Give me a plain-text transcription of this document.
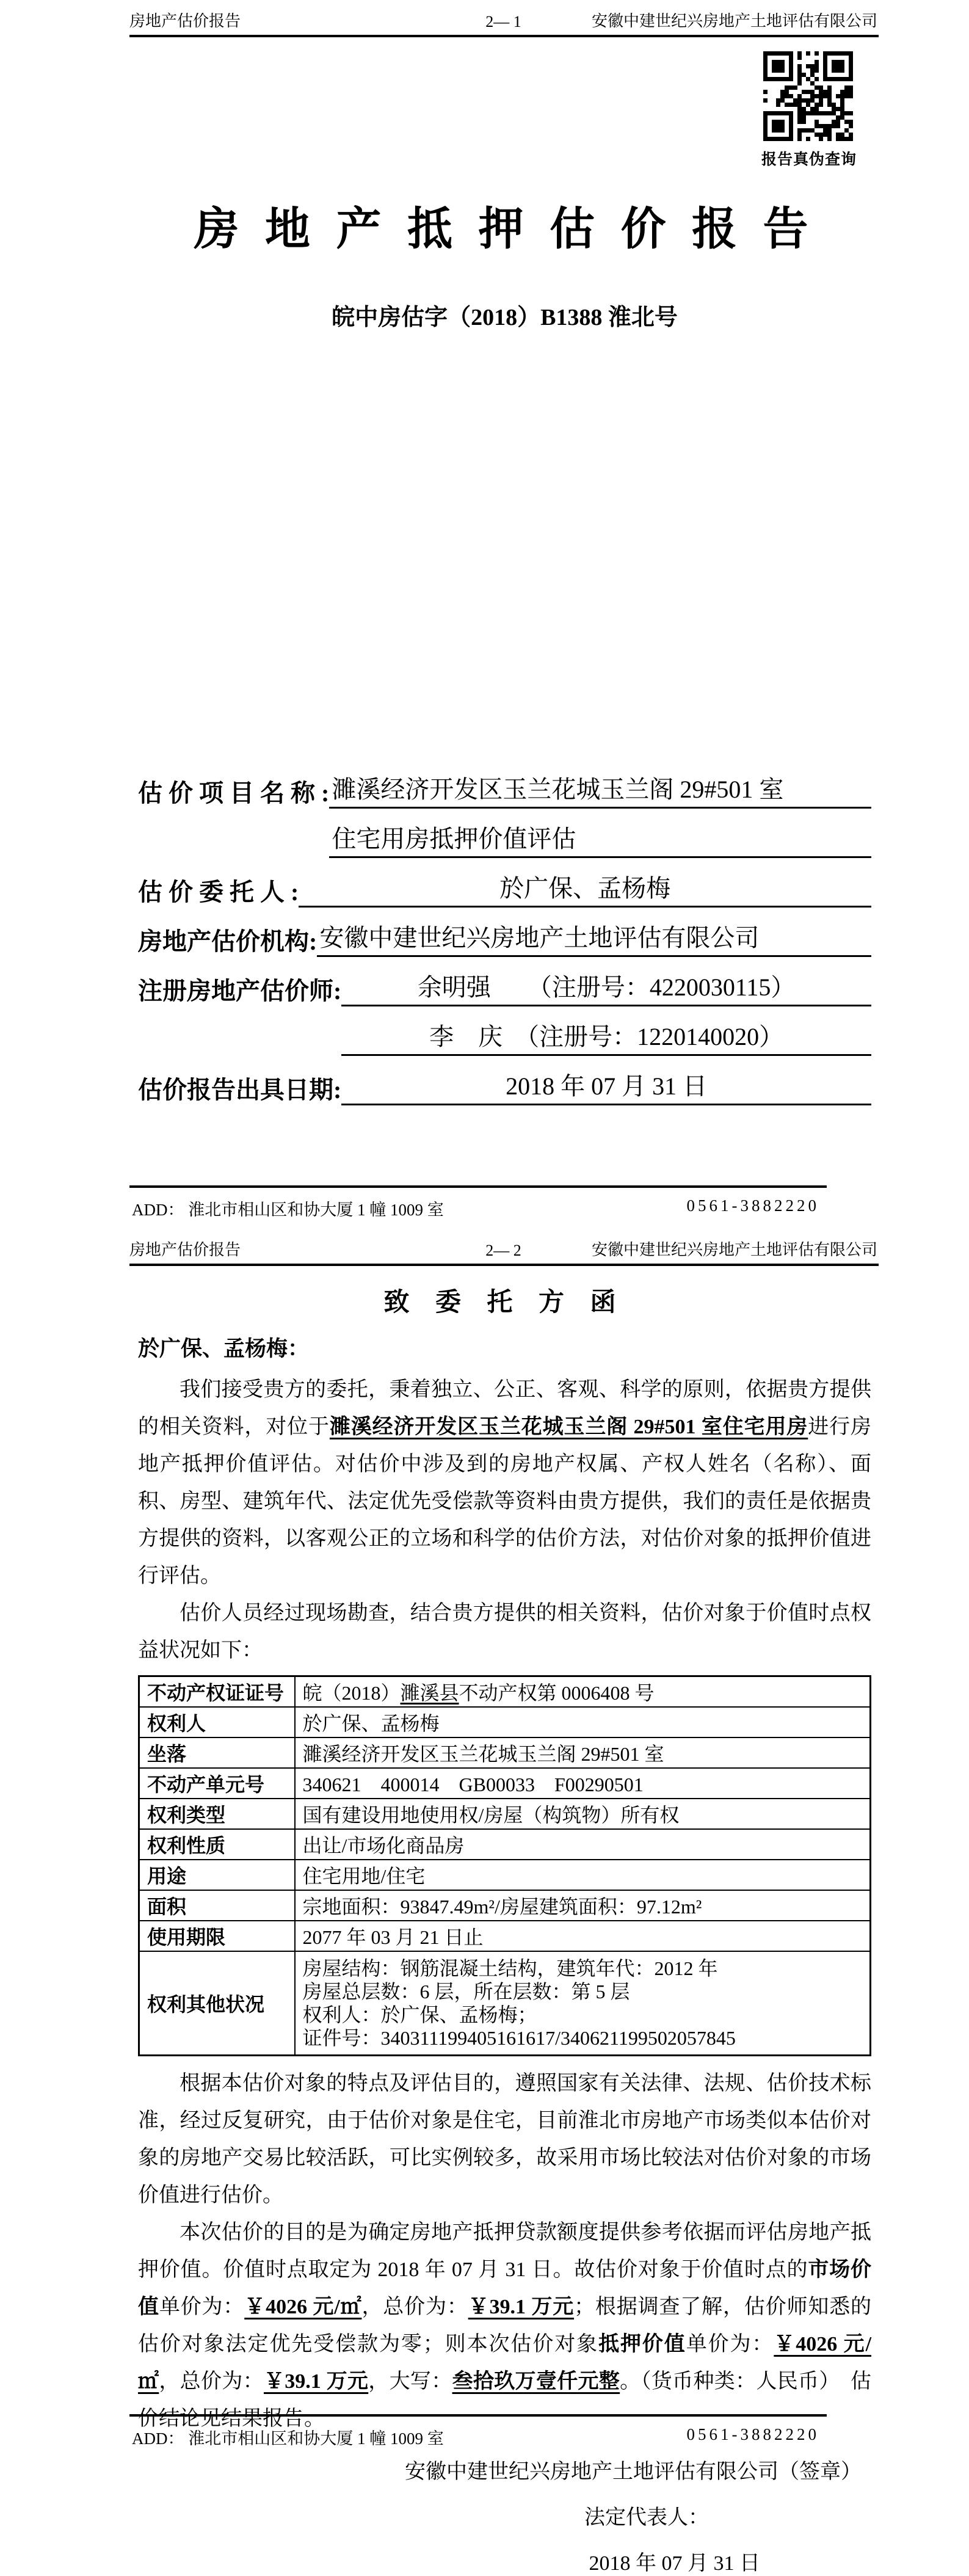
房地产估价报告	2— 1	安徽中建世纪兴房地产土地评估有限公司
报告真伪查询
房 地 产 抵 押 估 价 报 告
皖中房估字（2018）B1388 淮北号
估 价 项 目 名 称 : 濉溪经济开发区玉兰花城玉兰阁 29#501 室
住宅用房抵押价值评估
估 价 委 托 人 :	於广保、孟杨梅
房地产估价机构: 安徽中建世纪兴房地产土地评估有限公司
注册房地产估价师:	余明强　　（注册号：4220030115）
李　庆　（注册号：1220140020）
估价报告出具日期:	2018 年 07 月 31 日
ADD： 淮北市相山区和协大厦 1 幢 1009 室	0561-3882220
房地产估价报告	2— 2	安徽中建世纪兴房地产土地评估有限公司
致 委 托 方 函
於广保、孟杨梅：

我们接受贵方的委托，秉着独立、公正、客观、科学的原则，依据贵方提供的相关资料，对位于濉溪经济开发区玉兰花城玉兰阁 29#501 室住宅用房进行房地产抵押价值评估。对估价中涉及到的房地产权属、产权人姓名（名称）、面积、房型、建筑年代、法定优先受偿款等资料由贵方提供，我们的责任是依据贵方提供的资料，以客观公正的立场和科学的估价方法，对估价对象的抵押价值进行评估。

估价人员经过现场勘查，结合贵方提供的相关资料，估价对象于价值时点权益状况如下：

不动产权证证号	皖（2018）濉溪县不动产权第 0006408 号
权利人	於广保、孟杨梅
坐落	濉溪经济开发区玉兰花城玉兰阁 29#501 室
不动产单元号	340621　400014　GB00033　F00290501
权利类型	国有建设用地使用权/房屋（构筑物）所有权
权利性质	出让/市场化商品房
用途	住宅用地/住宅
面积	宗地面积：93847.49m²/房屋建筑面积：97.12m²
使用期限	2077 年 03 月 21 日止
权利其他状况	房屋结构：钢筋混凝土结构，建筑年代：2012 年
房屋总层数：6 层，所在层数：第 5 层
权利人：於广保、孟杨梅；
证件号：340311199405161617/340621199502057845

根据本估价对象的特点及评估目的，遵照国家有关法律、法规、估价技术标准，经过反复研究，由于估价对象是住宅，目前淮北市房地产市场类似本估价对象的房地产交易比较活跃，可比实例较多，故采用市场比较法对估价对象的市场价值进行估价。

本次估价的目的是为确定房地产抵押贷款额度提供参考依据而评估房地产抵押价值。价值时点取定为 2018 年 07 月 31 日。故估价对象于价值时点的市场价值单价为：￥4026 元/㎡，总价为：￥39.1 万元；根据调查了解，估价师知悉的估价对象法定优先受偿款为零；则本次估价对象抵押价值单价为：￥4026 元/㎡，总价为：￥39.1 万元，大写：叁拾玖万壹仟元整。（货币种类：人民币）　估价结论见结果报告。

安徽中建世纪兴房地产土地评估有限公司（签章）
法定代表人：
2018 年 07 月 31 日
ADD： 淮北市相山区和协大厦 1 幢 1009 室	0561-3882220
